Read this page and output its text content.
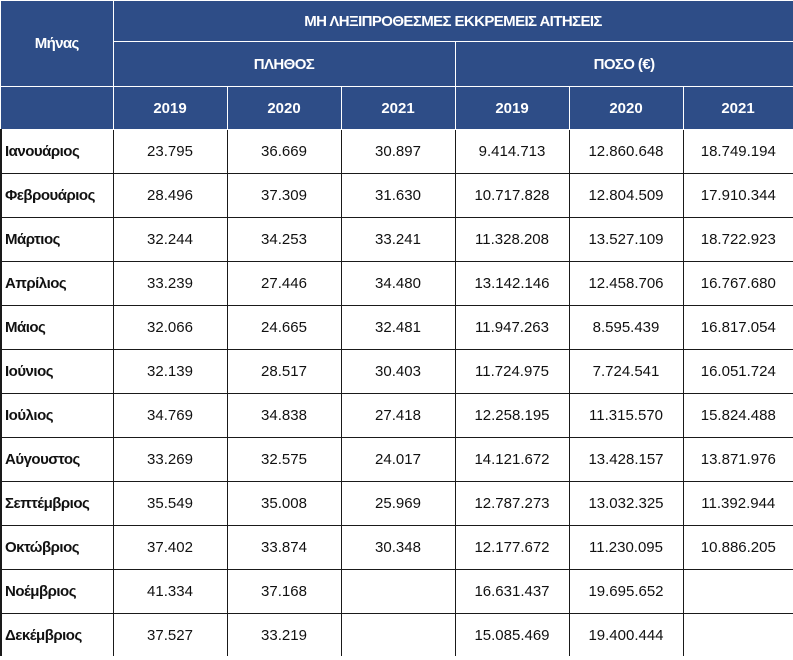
Μήνας	ΜΗ ΛΗΞΙΠΡΟΘΕΣΜΕΣ ΕΚΚΡΕΜΕΙΣ ΑΙΤΗΣΕΙΣ					
	ΠΛΗΘΟΣ			ΠΟΣΟ (€)		
	2019	2020	2021	2019	2020	2021
Ιανουάριος	23.795	36.669	30.897	9.414.713	12.860.648	18.749.194
Φεβρουάριος	28.496	37.309	31.630	10.717.828	12.804.509	17.910.344
Μάρτιος	32.244	34.253	33.241	11.328.208	13.527.109	18.722.923
Απρίλιος	33.239	27.446	34.480	13.142.146	12.458.706	16.767.680
Μάιος	32.066	24.665	32.481	11.947.263	8.595.439	16.817.054
Ιούνιος	32.139	28.517	30.403	11.724.975	7.724.541	16.051.724
Ιούλιος	34.769	34.838	27.418	12.258.195	11.315.570	15.824.488
Αύγουστος	33.269	32.575	24.017	14.121.672	13.428.157	13.871.976
Σεπτέμβριος	35.549	35.008	25.969	12.787.273	13.032.325	11.392.944
Οκτώβριος	37.402	33.874	30.348	12.177.672	11.230.095	10.886.205
Νοέμβριος	41.334	37.168		16.631.437	19.695.652	
Δεκέμβριος	37.527	33.219		15.085.469	19.400.444	
